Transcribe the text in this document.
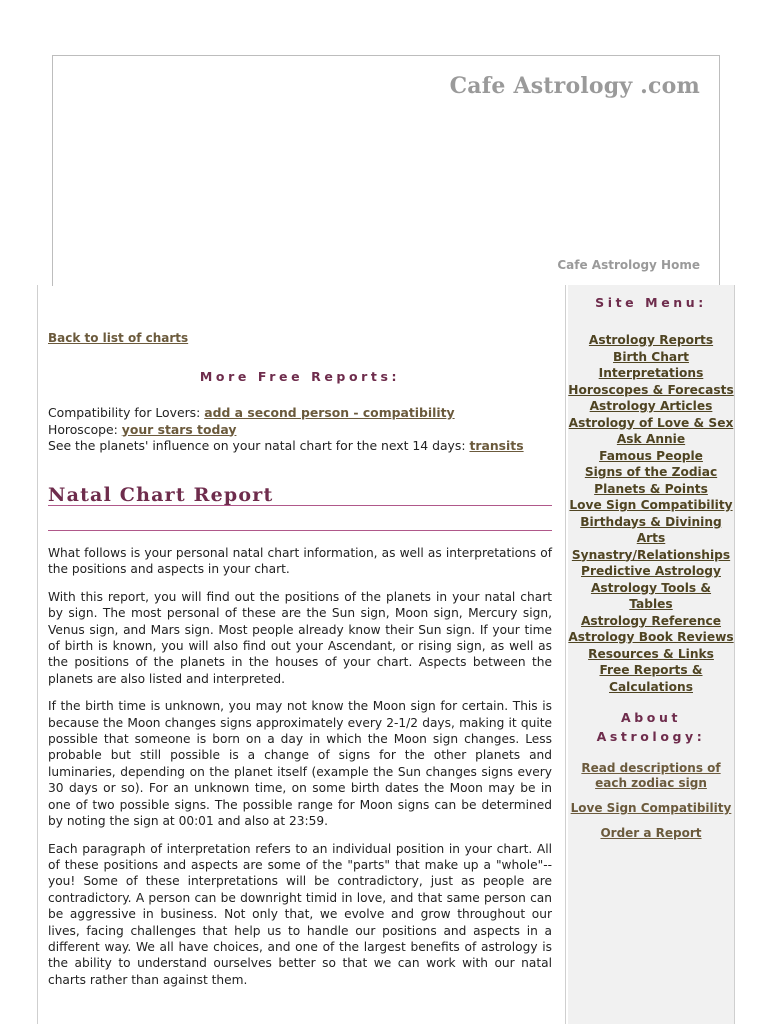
Cafe Astrology .com
Cafe Astrology Home
Back to list of charts
More Free Reports:
Compatibility for Lovers: add a second person - compatibility
Horoscope: your stars today
See the planets' influence on your natal chart for the next 14 days: transits
Natal Chart Report

What follows is your personal natal chart information, as well as interpretations of the positions and aspects in your chart.

With this report, you will find out the positions of the planets in your natal chart by sign. The most personal of these are the Sun sign, Moon sign, Mercury sign, Venus sign, and Mars sign. Most people already know their Sun sign. If your time of birth is known, you will also find out your Ascendant, or rising sign, as well as the positions of the planets in the houses of your chart. Aspects between the planets are also listed and interpreted.

If the birth time is unknown, you may not know the Moon sign for certain. This is because the Moon changes signs approximately every 2-1/2 days, making it quite possible that someone is born on a day in which the Moon sign changes. Less probable but still possible is a change of signs for the other planets and luminaries, depending on the planet itself (example the Sun changes signs every 30 days or so). For an unknown time, on some birth dates the Moon may be in one of two possible signs. The possible range for Moon signs can be determined by noting the sign at 00:01 and also at 23:59.

Each paragraph of interpretation refers to an individual position in your chart. All of these positions and aspects are some of the "parts" that make up a "whole"--you! Some of these interpretations will be contradictory, just as people are contradictory. A person can be downright timid in love, and that same person can be aggressive in business. Not only that, we evolve and grow throughout our lives, facing challenges that help us to handle our positions and aspects in a different way. We all have choices, and one of the largest benefits of astrology is the ability to understand ourselves better so that we can work with our natal charts rather than against them.

Site Menu:
Astrology Reports
Birth Chart Interpretations
Horoscopes & Forecasts
Astrology Articles
Astrology of Love & Sex
Ask Annie
Famous People
Signs of the Zodiac
Planets & Points
Love Sign Compatibility
Birthdays & Divining Arts
Synastry/Relationships
Predictive Astrology
Astrology Tools & Tables
Astrology Reference
Astrology Book Reviews
Resources & Links
Free Reports & Calculations
About
Astrology:
Read descriptions of each zodiac sign
Love Sign Compatibility
Order a Report
